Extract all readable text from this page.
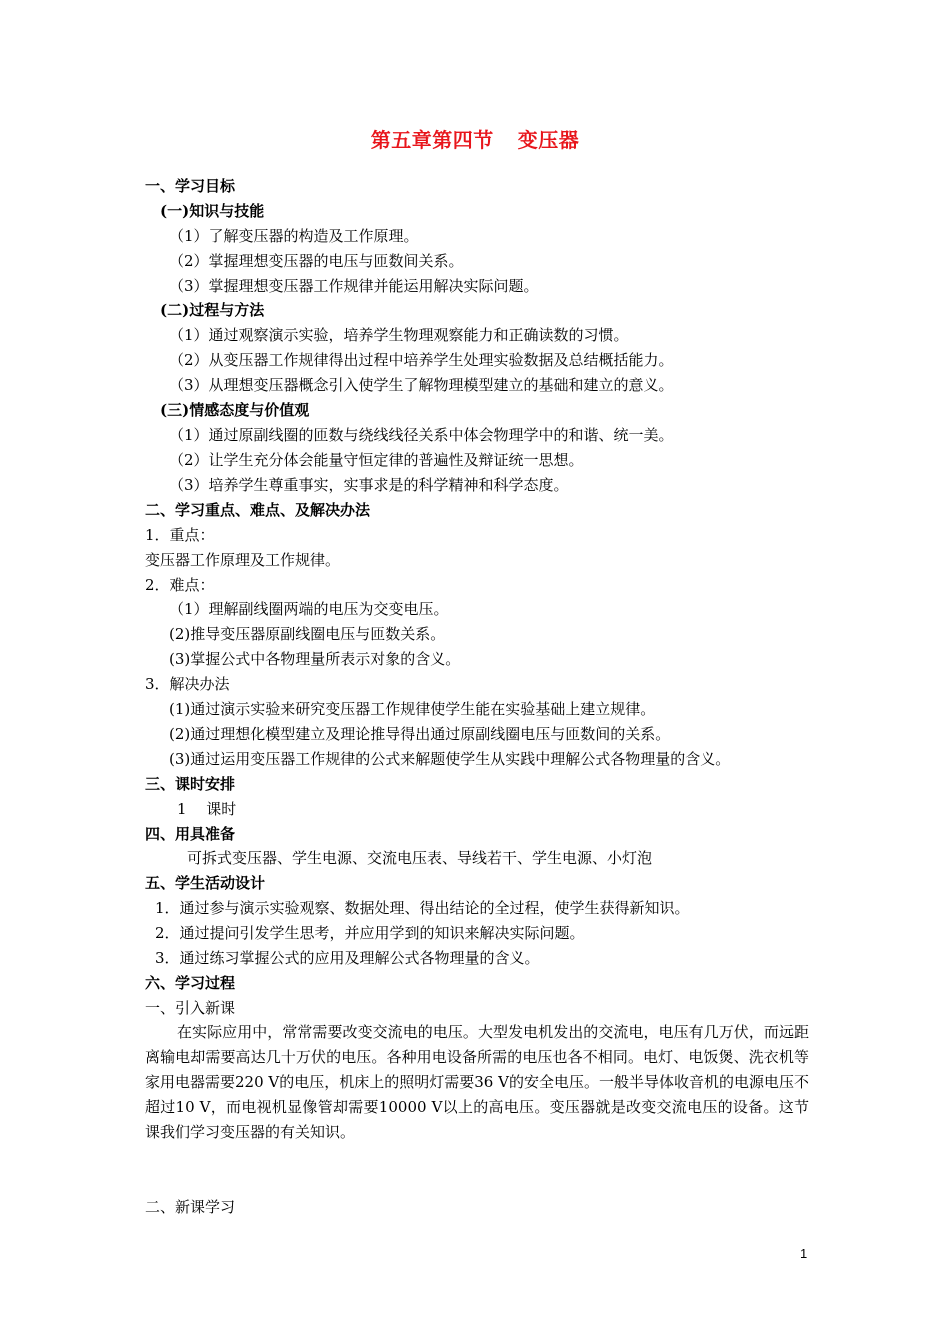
第五章第四节 变压器
一、学习目标
(一)知识与技能
（1）了解变压器的构造及工作原理。
（2）掌握理想变压器的电压与匝数间关系。
（3）掌握理想变压器工作规律并能运用解决实际问题。
(二)过程与方法
（1）通过观察演示实验，培养学生物理观察能力和正确读数的习惯。
（2）从变压器工作规律得出过程中培养学生处理实验数据及总结概括能力。
（3）从理想变压器概念引入使学生了解物理模型建立的基础和建立的意义。
(三)情感态度与价值观
（1）通过原副线圈的匝数与绕线线径关系中体会物理学中的和谐、统一美。
（2）让学生充分体会能量守恒定律的普遍性及辩证统一思想。
（3）培养学生尊重事实，实事求是的科学精神和科学态度。
二、学习重点、难点、及解决办法
1．重点：
变压器工作原理及工作规律。
2．难点：
（1）理解副线圈两端的电压为交变电压。
(2)推导变压器原副线圈电压与匝数关系。
(3)掌握公式中各物理量所表示对象的含义。
3．解决办法
(1)通过演示实验来研究变压器工作规律使学生能在实验基础上建立规律。
(2)通过理想化模型建立及理论推导得出通过原副线圈电压与匝数间的关系。
(3)通过运用变压器工作规律的公式来解题使学生从实践中理解公式各物理量的含义。
三、课时安排
1　 课时
四、用具准备
可拆式变压器、学生电源、交流电压表、导线若干、学生电源、小灯泡
五、学生活动设计
1．通过参与演示实验观察、数据处理、得出结论的全过程，使学生获得新知识。
2．通过提问引发学生思考，并应用学到的知识来解决实际问题。
3．通过练习掌握公式的应用及理解公式各物理量的含义。
六、学习过程
一、引入新课
在实际应用中，常常需要改变交流电的电压。大型发电机发出的交流电，电压有几万伏，而远距离输电却需要高达几十万伏的电压。各种用电设备所需的电压也各不相同。电灯、电饭煲、洗衣机等家用电器需要220 V的电压，机床上的照明灯需要36 V的安全电压。一般半导体收音机的电源电压不超过10 V，而电视机显像管却需要10000 V以上的高电压。变压器就是改变交流电压的设备。这节课我们学习变压器的有关知识。
二、新课学习
1
